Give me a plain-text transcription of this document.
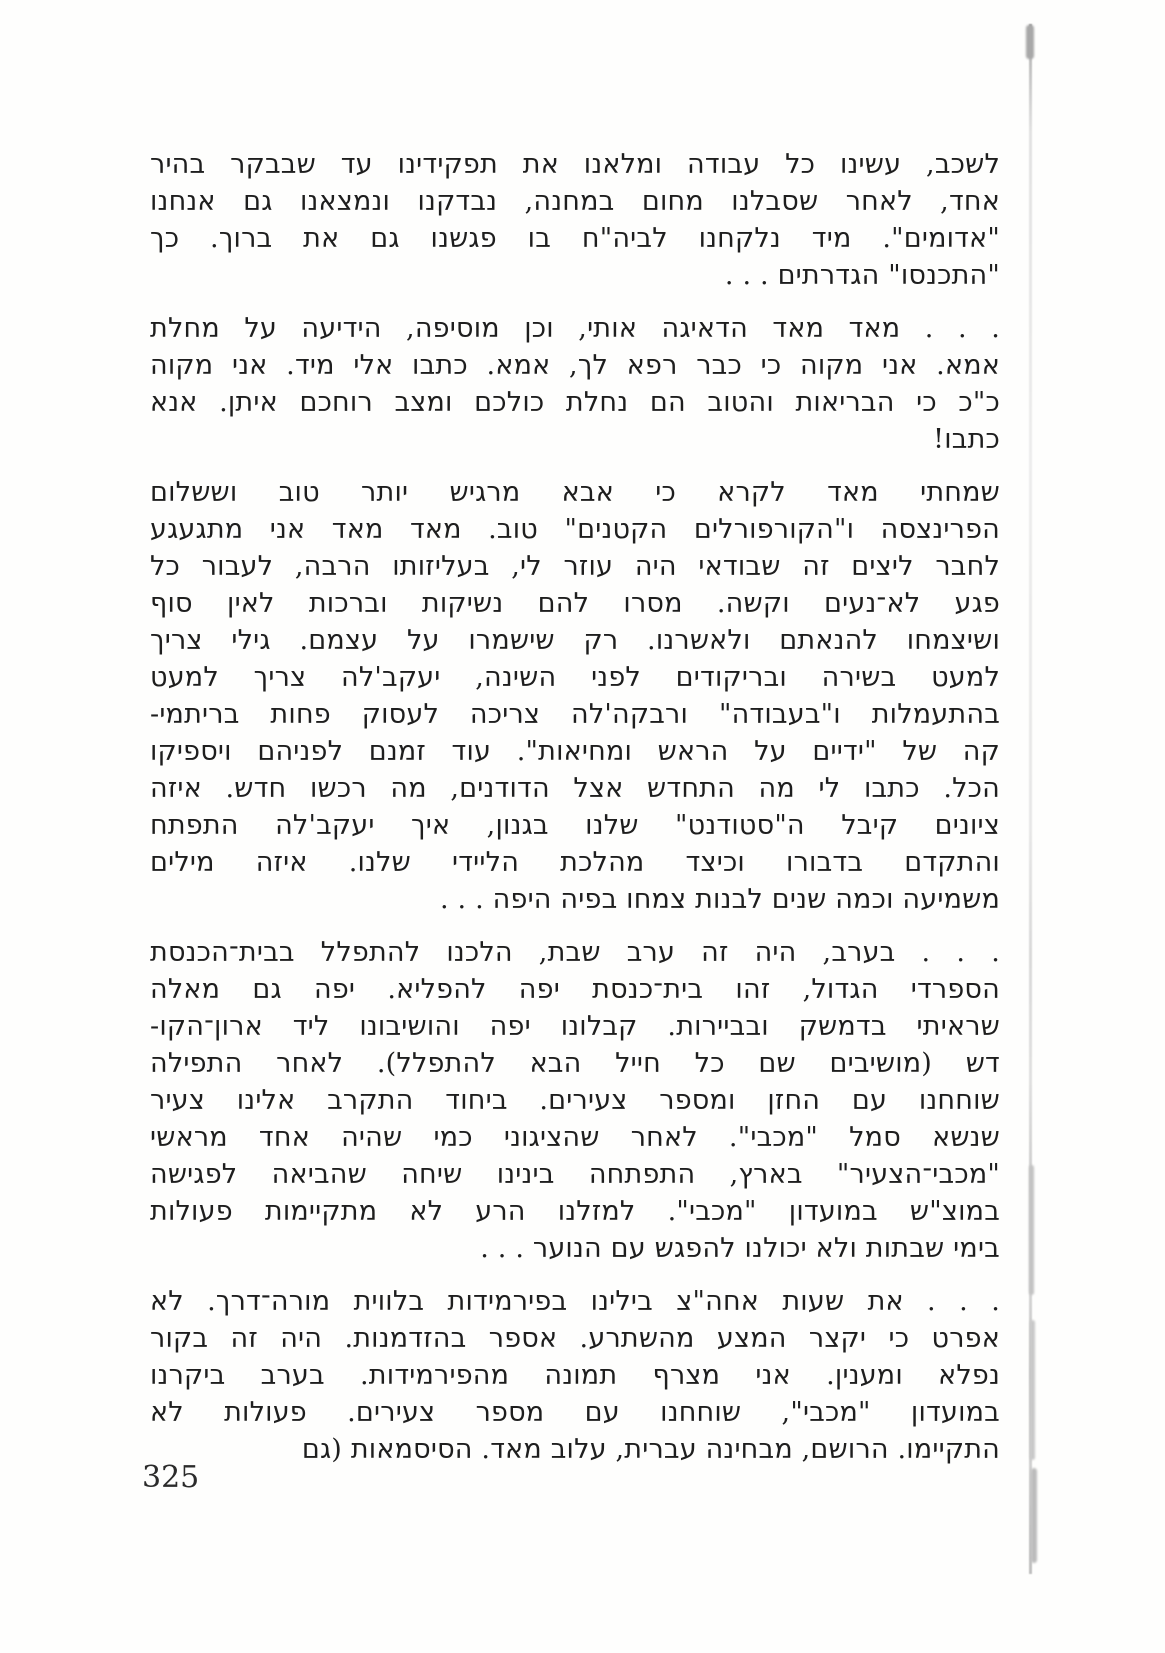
לשכב, עשינו כל עבודה ומלאנו את תפקידינו עד שבבקר בהיר
אחד, לאחר שסבלנו מחום במחנה, נבדקנו ונמצאנו גם אנחנו
"אדומים". מיד נלקחנו לביה"ח בו פגשנו גם את ברוך. כך
"התכנסו" הגדרתים . . .
. . . מאד מאד הדאיגה אותי, וכן מוסיפה, הידיעה על מחלת
אמא. אני מקוה כי כבר רפא לך, אמא. כתבו אלי מיד. אני מקוה
כ"כ כי הבריאות והטוב הם נחלת כולכם ומצב רוחכם איתן. אנא
כתבו!
שמחתי מאד לקרא כי אבא מרגיש יותר טוב וששלום
הפרינצסה ו"הקורפורלים הקטנים" טוב. מאד מאד אני מתגעגע
לחבר ליצים זה שבודאי היה עוזר לי, בעליזותו הרבה, לעבור כל
פגע לא־נעים וקשה. מסרו להם נשיקות וברכות לאין סוף
ושיצמחו להנאתם ולאשרנו. רק שישמרו על עצמם. גילי צריך
למעט בשירה ובריקודים לפני השינה, יעקב'לה צריך למעט
בהתעמלות ו"בעבודה" ורבקה'לה צריכה לעסוק פחות בריתמי-
קה של "ידיים על הראש ומחיאות". עוד זמנם לפניהם ויספיקו
הכל. כתבו לי מה התחדש אצל הדודנים, מה רכשו חדש. איזה
ציונים קיבל ה"סטודנט" שלנו בגנון, איך יעקב'לה התפתח
והתקדם בדבורו וכיצד מהלכת הליידי שלנו. איזה מילים
משמיעה וכמה שנים לבנות צמחו בפיה היפה . . .
. . . בערב, היה זה ערב שבת, הלכנו להתפלל בבית־הכנסת
הספרדי הגדול, זהו בית־כנסת יפה להפליא. יפה גם מאלה
שראיתי בדמשק ובביירות. קבלונו יפה והושיבונו ליד ארון־הקו-
דש (מושיבים שם כל חייל הבא להתפלל). לאחר התפילה
שוחחנו עם החזן ומספר צעירים. ביחוד התקרב אלינו צעיר
שנשא סמל "מכבי". לאחר שהציגוני כמי שהיה אחד מראשי
"מכבי־הצעיר" בארץ, התפתחה בינינו שיחה שהביאה לפגישה
במוצ"ש במועדון "מכבי". למזלנו הרע לא מתקיימות פעולות
בימי שבתות ולא יכולנו להפגש עם הנוער . . .
. . . את שעות אחה"צ בילינו בפירמידות בלווית מורה־דרך. לא
אפרט כי יקצר המצע מהשתרע. אספר בהזדמנות. היה זה בקור
נפלא ומענין. אני מצרף תמונה מהפירמידות. בערב ביקרנו
במועדון "מכבי", שוחחנו עם מספר צעירים. פעולות לא
התקיימו. הרושם, מבחינה עברית, עלוב מאד. הסיסמאות (גם
325
